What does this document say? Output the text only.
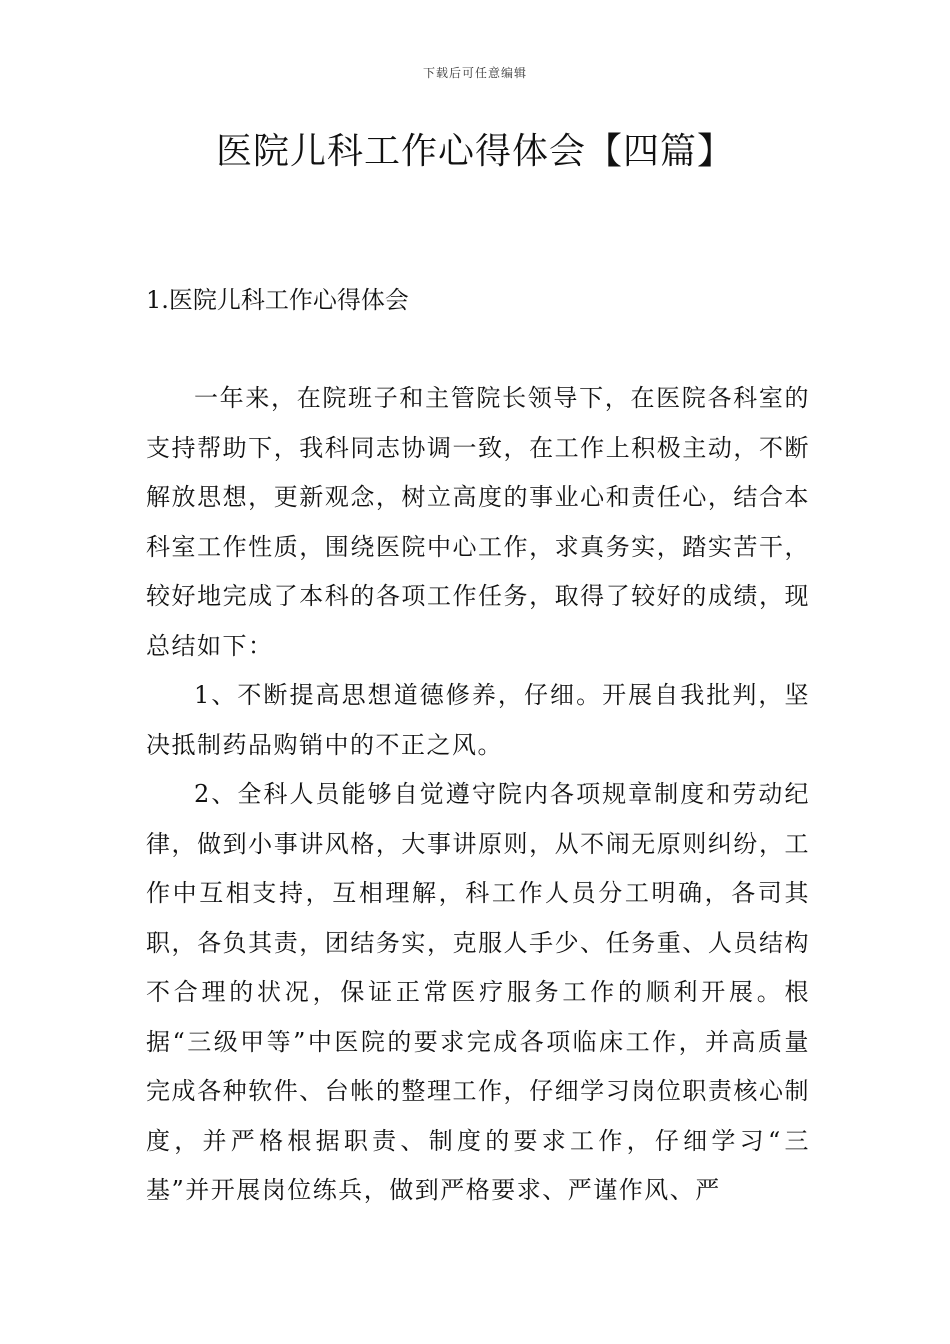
下载后可任意编辑
医院儿科工作心得体会【四篇】
1.医院儿科工作心得体会

一年来，在院班子和主管院长领导下，在医院各科室的支持帮助下，我科同志协调一致，在工作上积极主动，不断解放思想，更新观念，树立高度的事业心和责任心，结合本科室工作性质，围绕医院中心工作，求真务实，踏实苦干，较好地完成了本科的各项工作任务，取得了较好的成绩，现总结如下：

1、不断提高思想道德修养，仔细。开展自我批判，坚决抵制药品购销中的不正之风。

2、全科人员能够自觉遵守院内各项规章制度和劳动纪律，做到小事讲风格，大事讲原则，从不闹无原则纠纷，工作中互相支持，互相理解，科工作人员分工明确，各司其职，各负其责，团结务实，克服人手少、任务重、人员结构不合理的状况，保证正常医疗服务工作的顺利开展。根据“三级甲等”中医院的要求完成各项临床工作，并高质量完成各种软件、台帐的整理工作，仔细学习岗位职责核心制度，并严格根据职责、制度的要求工作，仔细学习“三基”并开展岗位练兵，做到严格要求、严谨作风、严
